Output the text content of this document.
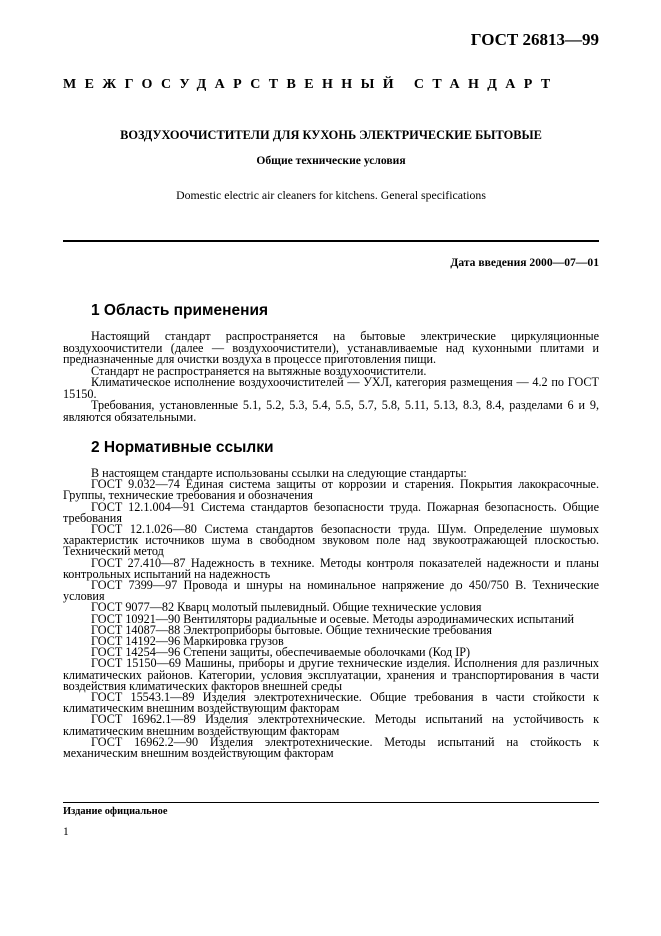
ГОСТ 26813—99

МЕЖГОСУДАРСТВЕННЫЙ СТАНДАРТ

ВОЗДУХООЧИСТИТЕЛИ ДЛЯ КУХОНЬ ЭЛЕКТРИЧЕСКИЕ БЫТОВЫЕ
Общие технические условия
Domestic electric air cleaners for kitchens. General specifications
Дата введения 2000—07—01
1 Область применения

Настоящий стандарт распространяется на бытовые электрические циркуляционные воздухоочистители (далее — воздухоочистители), устанавливаемые над кухонными плитами и предназначенные для очистки воздуха в процессе приготовления пищи.

Стандарт не распространяется на вытяжные воздухоочистители.

Климатическое исполнение воздухоочистителей — УХЛ, категория размещения — 4.2 по ГОСТ 15150.

Требования, установленные 5.1, 5.2, 5.3, 5.4, 5.5, 5.7, 5.8, 5.11, 5.13, 8.3, 8.4, разделами 6 и 9, являются обязательными.

2 Нормативные ссылки

В настоящем стандарте использованы ссылки на следующие стандарты:

ГОСТ 9.032—74 Единая система защиты от коррозии и старения. Покрытия лакокрасочные. Группы, технические требования и обозначения

ГОСТ 12.1.004—91 Система стандартов безопасности труда. Пожарная безопасность. Общие требования

ГОСТ 12.1.026—80 Система стандартов безопасности труда. Шум. Определение шумовых характеристик источников шума в свободном звуковом поле над звукоотражающей плоскостью. Технический метод

ГОСТ 27.410—87 Надежность в технике. Методы контроля показателей надежности и планы контрольных испытаний на надежность

ГОСТ 7399—97 Провода и шнуры на номинальное напряжение до 450/750 В. Технические условия

ГОСТ 9077—82 Кварц молотый пылевидный. Общие технические условия

ГОСТ 10921—90 Вентиляторы радиальные и осевые. Методы аэродинамических испытаний

ГОСТ 14087—88 Электроприборы бытовые. Общие технические требования

ГОСТ 14192—96 Маркировка грузов

ГОСТ 14254—96 Степени защиты, обеспечиваемые оболочками (Код IP)

ГОСТ 15150—69 Машины, приборы и другие технические изделия. Исполнения для различных климатических районов. Категории, условия эксплуатации, хранения и транспортирования в части воздействия климатических факторов внешней среды

ГОСТ 15543.1—89 Изделия электротехнические. Общие требования в части стойкости к климатическим внешним воздействующим факторам

ГОСТ 16962.1—89 Изделия электротехнические. Методы испытаний на устойчивость к климатическим внешним воздействующим факторам

ГОСТ 16962.2—90 Изделия электротехнические. Методы испытаний на стойкость к механическим внешним воздействующим факторам

Издание официальное
1
